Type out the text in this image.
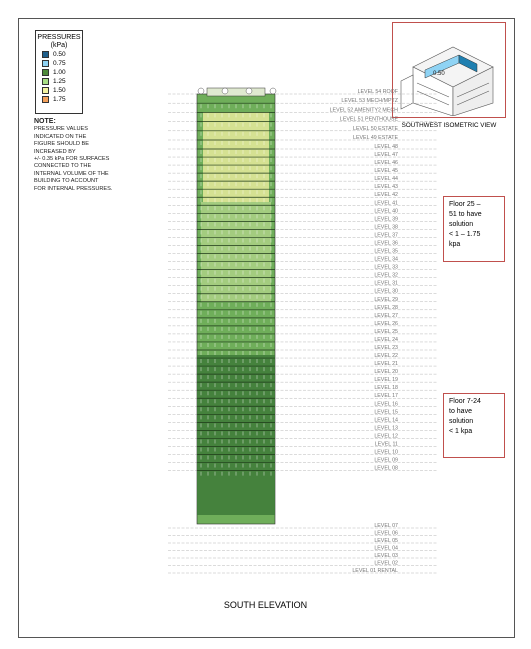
PRESSURES
(kPa)
0.50
0.75
1.00
1.25
1.50
1.75
NOTE:
PRESSURE VALUES
INDICATED ON THE
FIGURE SHOULD BE
INCREASED BY
+/- 0.35 kPa FOR SURFACES
CONNECTED TO THE
INTERNAL VOLUME OF THE
BUILDING TO ACCOUNT
FOR INTERNAL PRESSURES.
0.50
SOUTHWEST ISOMETRIC VIEW
LEVEL 54 ROOF
LEVEL 53 MECH/MPTZ
LEVEL 52 AMENITY2 MECH
LEVEL 51 PENTHOUSE
LEVEL 50 ESTATE
LEVEL 49 ESTATE
LEVEL 48
LEVEL 47
LEVEL 46
LEVEL 45
LEVEL 44
LEVEL 43
LEVEL 42
LEVEL 41
LEVEL 40
LEVEL 39
LEVEL 38
LEVEL 37
LEVEL 36
LEVEL 35
LEVEL 34
LEVEL 33
LEVEL 32
LEVEL 31
LEVEL 30
LEVEL 29
LEVEL 28
LEVEL 27
LEVEL 26
LEVEL 25
LEVEL 24
LEVEL 23
LEVEL 22
LEVEL 21
LEVEL 20
LEVEL 19
LEVEL 18
LEVEL 17
LEVEL 16
LEVEL 15
LEVEL 14
LEVEL 13
LEVEL 12
LEVEL 11
LEVEL 10
LEVEL 09
LEVEL 08
LEVEL 07
LEVEL 06
LEVEL 05
LEVEL 04
LEVEL 03
LEVEL 02
LEVEL 01 RENTAL
Floor 25 –
51 to have
solution
< 1 – 1.75
kpa
Floor 7-24
to have
solution
< 1 kpa
SOUTH ELEVATION
